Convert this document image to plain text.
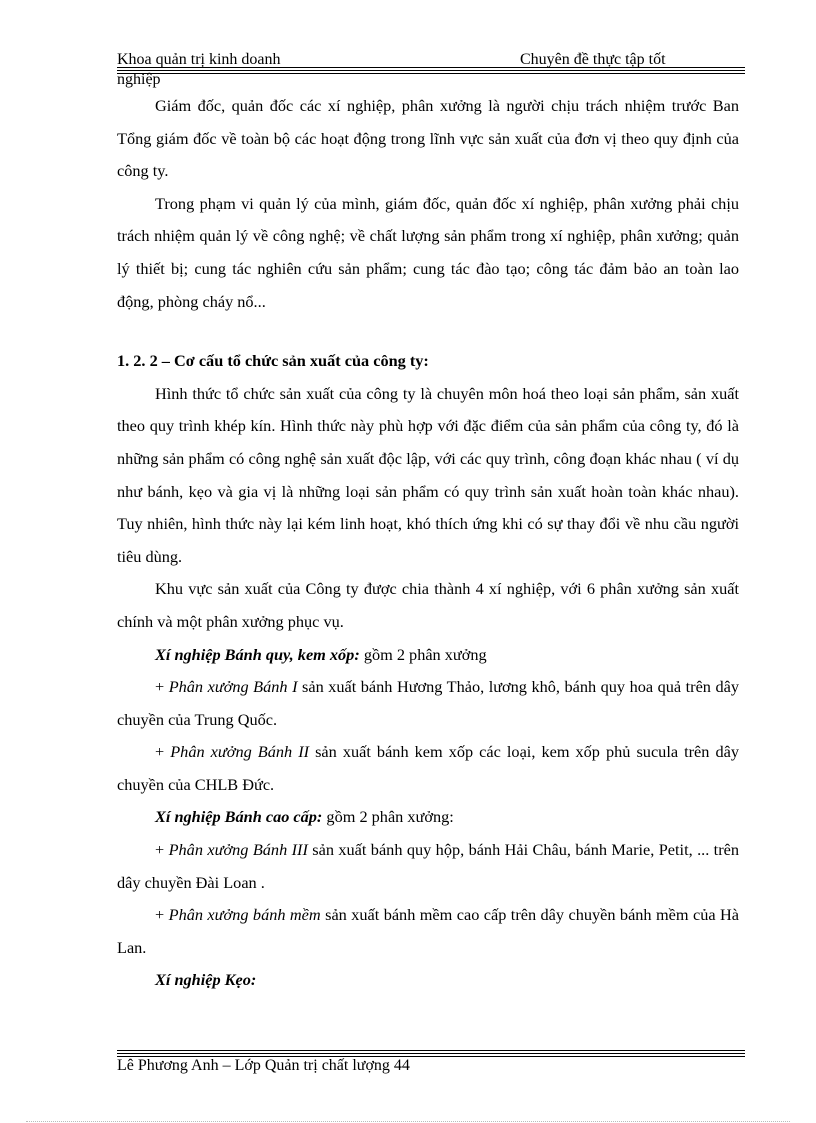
Khoa quản trị kinh doanh	Chuyên đề thực tập tốt
nghiệp

Giám đốc, quản đốc các xí nghiệp, phân xưởng là người chịu trách nhiệm trước Ban Tổng giám đốc về toàn bộ các hoạt động trong lĩnh vực sản xuất của đơn vị theo quy định của công ty.

Trong phạm vi quản lý của mình, giám đốc, quản đốc xí nghiệp, phân xưởng phải chịu trách nhiệm quản lý về công nghệ; về chất lượng sản phẩm trong xí nghiệp, phân xưởng; quản lý thiết bị; cung tác nghiên cứu sản phẩm; cung tác đào tạo; công tác đảm bảo an toàn lao động, phòng cháy nổ...

1. 2. 2 – Cơ cấu tổ chức sản xuất của công ty:

Hình thức tổ chức sản xuất của công ty là chuyên môn hoá theo loại sản phẩm, sản xuất theo quy trình khép kín. Hình thức này phù hợp với đặc điểm của sản phẩm của công ty, đó là những sản phẩm có công nghệ sản xuất độc lập, với các quy trình, công đoạn khác nhau ( ví dụ như bánh, kẹo và gia vị là những loại sản phẩm có quy trình sản xuất hoàn toàn khác nhau). Tuy nhiên, hình thức này lại kém linh hoạt, khó thích ứng khi có sự thay đổi về nhu cầu người tiêu dùng.

Khu vực sản xuất của Công ty được chia thành 4 xí nghiệp, với 6 phân xưởng sản xuất chính và một phân xưởng phục vụ.

Xí nghiệp Bánh quy, kem xốp: gồm 2 phân xưởng

+ Phân xưởng Bánh I sản xuất bánh Hương Thảo, lương khô, bánh quy hoa quả trên dây chuyền của Trung Quốc.

+ Phân xưởng Bánh II sản xuất bánh kem xốp các loại, kem xốp phủ sucula trên dây chuyền của CHLB Đức.

Xí nghiệp Bánh cao cấp: gồm 2 phân xưởng:

+ Phân xưởng Bánh III sản xuất bánh quy hộp, bánh Hải Châu, bánh Marie, Petit, ... trên dây chuyền Đài Loan .

+ Phân xưởng bánh mềm sản xuất bánh mềm cao cấp trên dây chuyền bánh mềm của Hà Lan.

Xí nghiệp Kẹo:

Lê Phương Anh – Lớp Quản trị chất lượng 44
